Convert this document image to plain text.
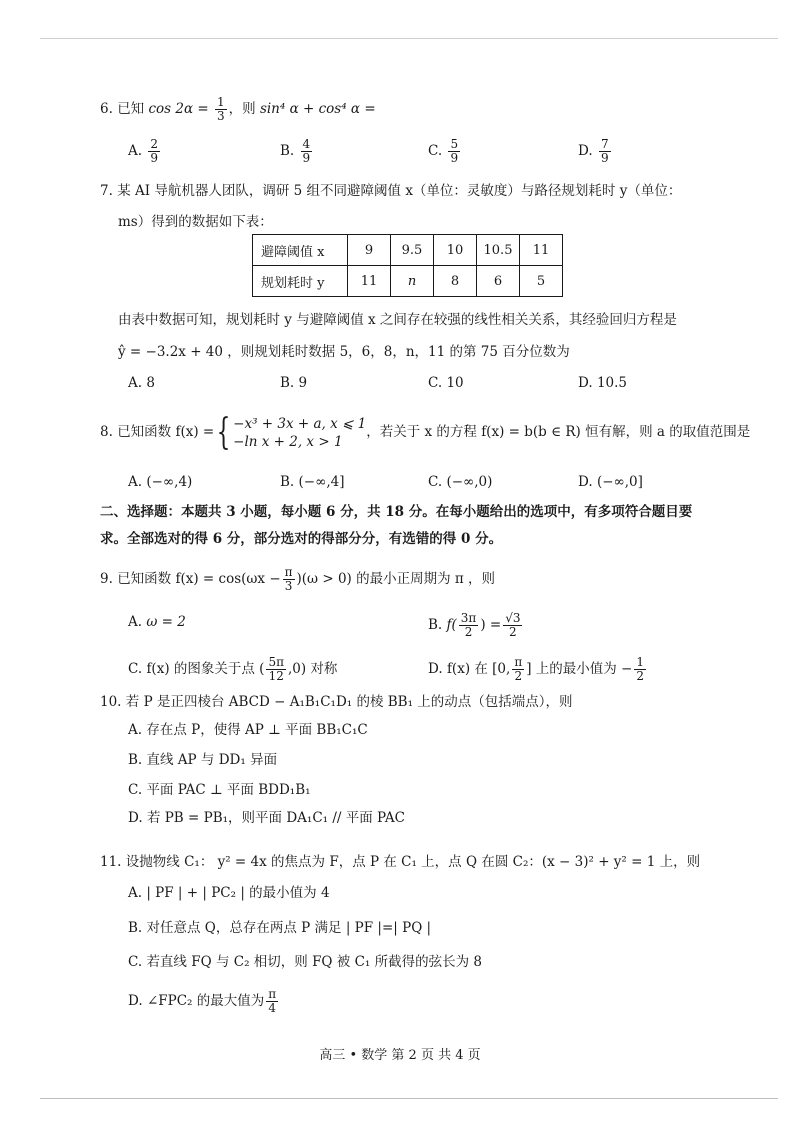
6. 已知 $\cos 2\alpha = \frac{1}{3}$ ，则 sin⁴ α + cos⁴ α =
A. $\frac{2}{9}$	B. $\frac{4}{9}$	C. $\frac{5}{9}$	D. $\frac{7}{9}$
7. 某 AI 导航机器人团队，调研 5 组不同避障阈值 x（单位：灵敏度）与路径规划耗时 y（单位：
ms）得到的数据如下表：
避障阈值 x	9	9.5	10	10.5	11
规划耗时 y	11	n	8	6	5
由表中数据可知，规划耗时 y 与避障阈值 x 之间存在较强的线性相关关系，其经验回归方程是
ŷ = −3.2x + 40 ，则规划耗时数据 5，6，8，n，11 的第 75 百分位数为
A. 8	B. 9	C. 10	D. 10.5
8. 已知函数 f(x) ={ −x³ + 3x + a, x ⩽ 1
−ln x + 2, x > 1
，若关于 x 的方程 f(x) = b(b ∈ R) 恒有解，则 a 的取值范围是
A. (−∞,4)	B. (−∞,4]	C. (−∞,0)	D. (−∞,0]
二、选择题：本题共 3 小题，每小题 6 分，共 18 分。在每小题给出的选项中，有多项符合题目要
求。全部选对的得 6 分，部分选对的得部分分，有选错的得 0 分。
9. 已知函数 $f(x) = \cos(\omega x - \frac{\pi}{3} )(\omega > 0)$ 的最小正周期为 π ，则
A. ω = 2	B. $f( \frac{3\pi}{2}$ ) = $\frac{√3}{2}$
C. f(x) 的图象关于点 ( $\frac{5\pi}{12} ,0$) 对称	D. f(x) 在 [0, $\frac{\pi}{2}$ ] 上的最小值为 − $\frac{1}{2}$
10. 若 P 是正四棱台 ABCD − A₁B₁C₁D₁ 的棱 BB₁ 上的动点（包括端点），则
A. 存在点 P，使得 AP ⊥ 平面 BB₁C₁C
B. 直线 AP 与 DD₁ 异面
C. 平面 PAC ⊥ 平面 BDD₁B₁
D. 若 PB = PB₁，则平面 DA₁C₁ // 平面 PAC
11. 设抛物线 C₁： y² = 4x 的焦点为 F，点 P 在 C₁ 上，点 Q 在圆 C₂：(x − 3)² + y² = 1 上，则
A. | PF | + | PC₂ | 的最小值为 4
B. 对任意点 Q，总存在两点 P 满足 | PF |=| PQ |
C. 若直线 FQ 与 C₂ 相切，则 FQ 被 C₁ 所截得的弦长为 8
D. ∠FPC₂ 的最大值为 $\frac{\pi}{4}$
高三 • 数学 第 2 页 共 4 页
